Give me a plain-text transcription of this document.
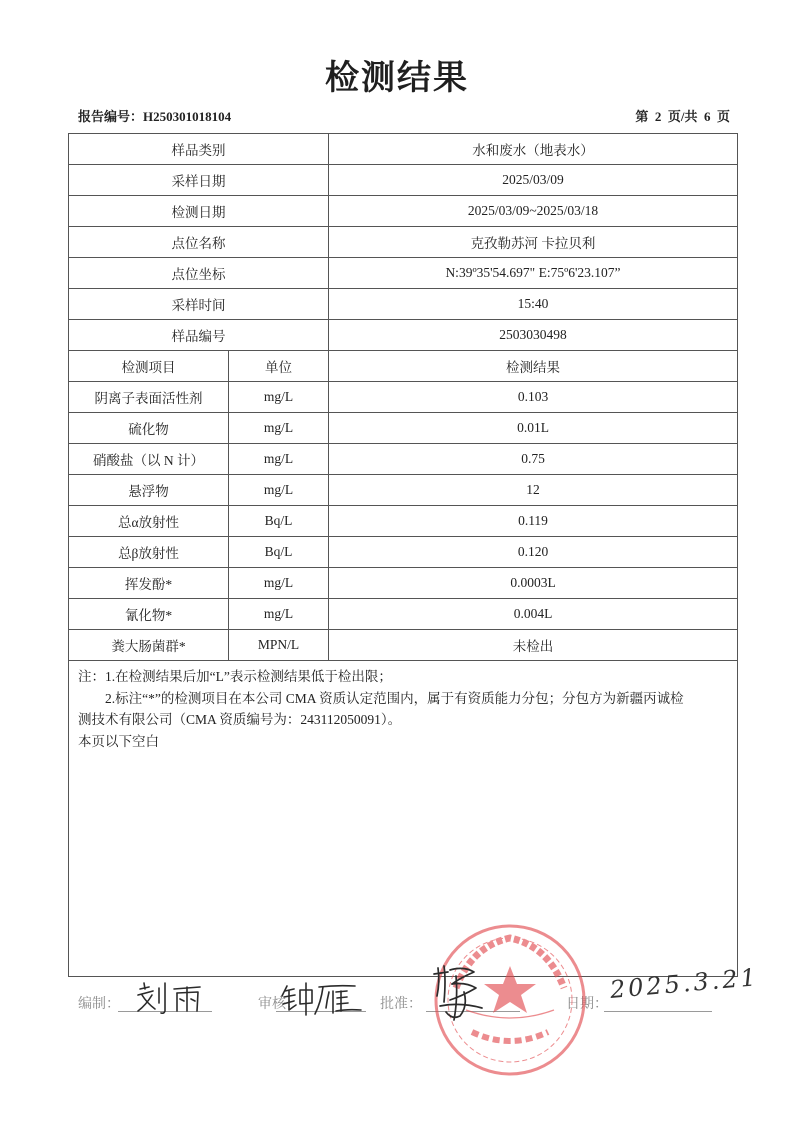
检测结果
报告编号：H250301018104	第  2  页/共  6  页
样品类别		水和废水（地表水）
采样日期		2025/03/09
检测日期		2025/03/09~2025/03/18
点位名称		克孜勒苏河 卡拉贝利
点位坐标		N:39º35'54.697" E:75º6'23.107”
采样时间		15:40
样品编号		2503030498
检测项目	单位	检测结果
阴离子表面活性剂	mg/L	0.103
硫化物	mg/L	0.01L
硝酸盐（以 N 计）	mg/L	0.75
悬浮物	mg/L	12
总α放射性	Bq/L	0.119
总β放射性	Bq/L	0.120
挥发酚*	mg/L	0.0003L
氰化物*	mg/L	0.004L
粪大肠菌群*	MPN/L	未检出

注：1.在检测结果后加“L”表示检测结果低于检出限；
2.标注“*”的检测项目在本公司 CMA 资质认定范围内，属于有资质能力分包；分包方为新疆丙诚检
测技术有限公司（CMA 资质编号为：243112050091）。
本页以下空白		
编制：	审核：	批准：	日期：
2025.3.21
